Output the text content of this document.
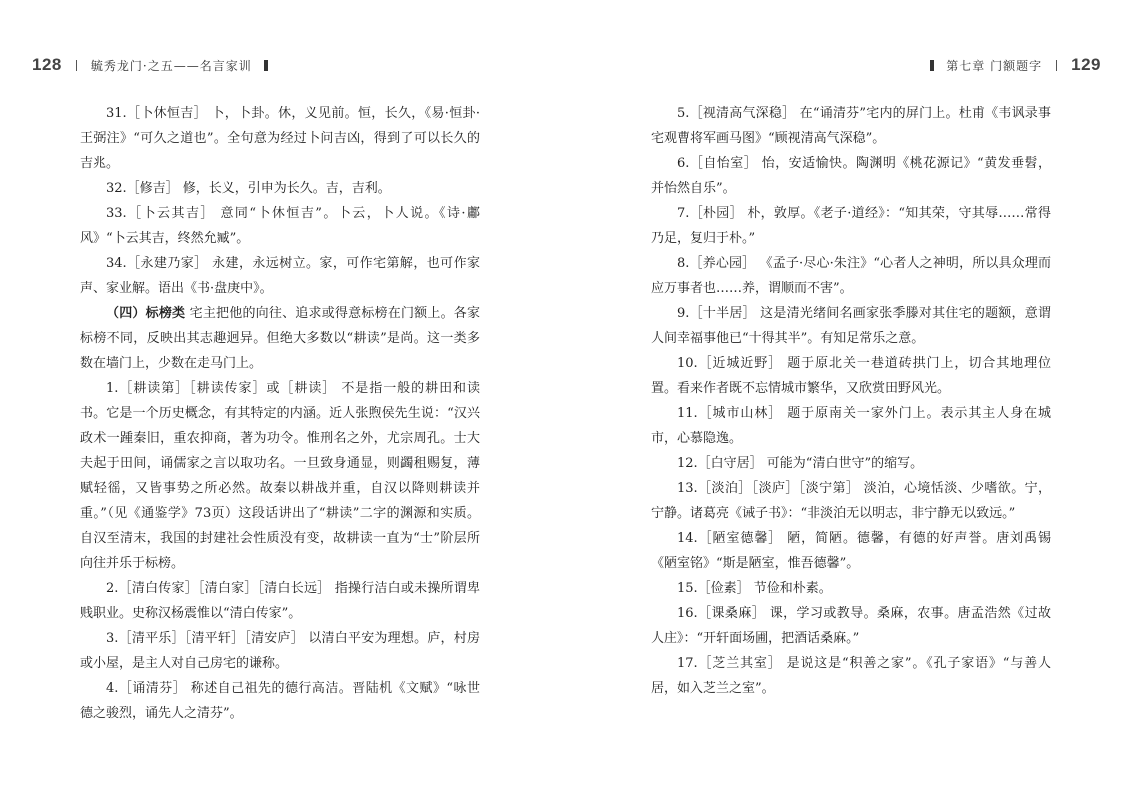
128 毓秀龙门·之五——名言家训	第七章 门额题字 129

31.［卜休恒吉］ 卜，卜卦。休，义见前。恒，长久，《易·恒卦·王弼注》“可久之道也”。全句意为经过卜问吉凶，得到了可以长久的吉兆。

32.［修吉］ 修，长义，引申为长久。吉，吉利。

33.［卜云其吉］ 意同“卜休恒吉”。卜云，卜人说。《诗·鄘风》“卜云其吉，终然允臧”。

34.［永建乃家］ 永建，永远树立。家，可作宅第解，也可作家声、家业解。语出《书·盘庚中》。

（四）标榜类 宅主把他的向往、追求或得意标榜在门额上。各家标榜不同，反映出其志趣迥异。但绝大多数以“耕读”是尚。这一类多数在墙门上，少数在走马门上。

1.［耕读第］［耕读传家］或［耕读］ 不是指一般的耕田和读书。它是一个历史概念，有其特定的内涵。近人张煦侯先生说：“汉兴政术一踵秦旧，重农抑商，著为功令。惟刑名之外，尤宗周孔。士大夫起于田间，诵儒家之言以取功名。一旦致身通显，则蠲租赐复，薄赋轻徭，又皆事势之所必然。故秦以耕战并重，自汉以降则耕读并重。”（见《通鉴学》73页）这段话讲出了“耕读”二字的渊源和实质。自汉至清末，我国的封建社会性质没有变，故耕读一直为“士”阶层所向往并乐于标榜。

2.［清白传家］［清白家］［清白长远］ 指操行洁白或未操所谓卑贱职业。史称汉杨震惟以“清白传家”。

3.［清平乐］［清平轩］［清安庐］ 以清白平安为理想。庐，村房或小屋，是主人对自己房宅的谦称。

4.［诵清芬］ 称述自己祖先的德行高洁。晋陆机《文赋》“咏世德之骏烈，诵先人之清芬”。

5.［视清高气深稳］ 在“诵清芬”宅内的屏门上。杜甫《韦讽录事宅观曹将军画马图》“顾视清高气深稳”。

6.［自怡室］ 怡，安适愉快。陶渊明《桃花源记》“黄发垂髫，并怡然自乐”。

7.［朴园］ 朴，敦厚。《老子·道经》：“知其荣，守其辱……常得乃足，复归于朴。”

8.［养心园］ 《孟子·尽心·朱注》“心者人之神明，所以具众理而应万事者也……养，谓顺而不害”。

9.［十半居］ 这是清光绪间名画家张季滕对其住宅的题额，意谓人间幸福事他已“十得其半”。有知足常乐之意。

10.［近城近野］ 题于原北关一巷道砖拱门上，切合其地理位置。看来作者既不忘情城市繁华，又欣赏田野风光。

11.［城市山林］ 题于原南关一家外门上。表示其主人身在城市，心慕隐逸。

12.［白守居］ 可能为“清白世守”的缩写。

13.［淡泊］［淡庐］［淡宁第］ 淡泊，心境恬淡、少嗜欲。宁，宁静。诸葛亮《诫子书》：“非淡泊无以明志，非宁静无以致远。”

14.［陋室德馨］ 陋，简陋。德馨，有德的好声誉。唐刘禹锡《陋室铭》“斯是陋室，惟吾德馨”。

15.［俭素］ 节俭和朴素。

16.［课桑麻］ 课，学习或教导。桑麻，农事。唐孟浩然《过故人庄》：“开轩面场圃，把酒话桑麻。”

17.［芝兰其室］ 是说这是“积善之家”。《孔子家语》“与善人居，如入芝兰之室”。
